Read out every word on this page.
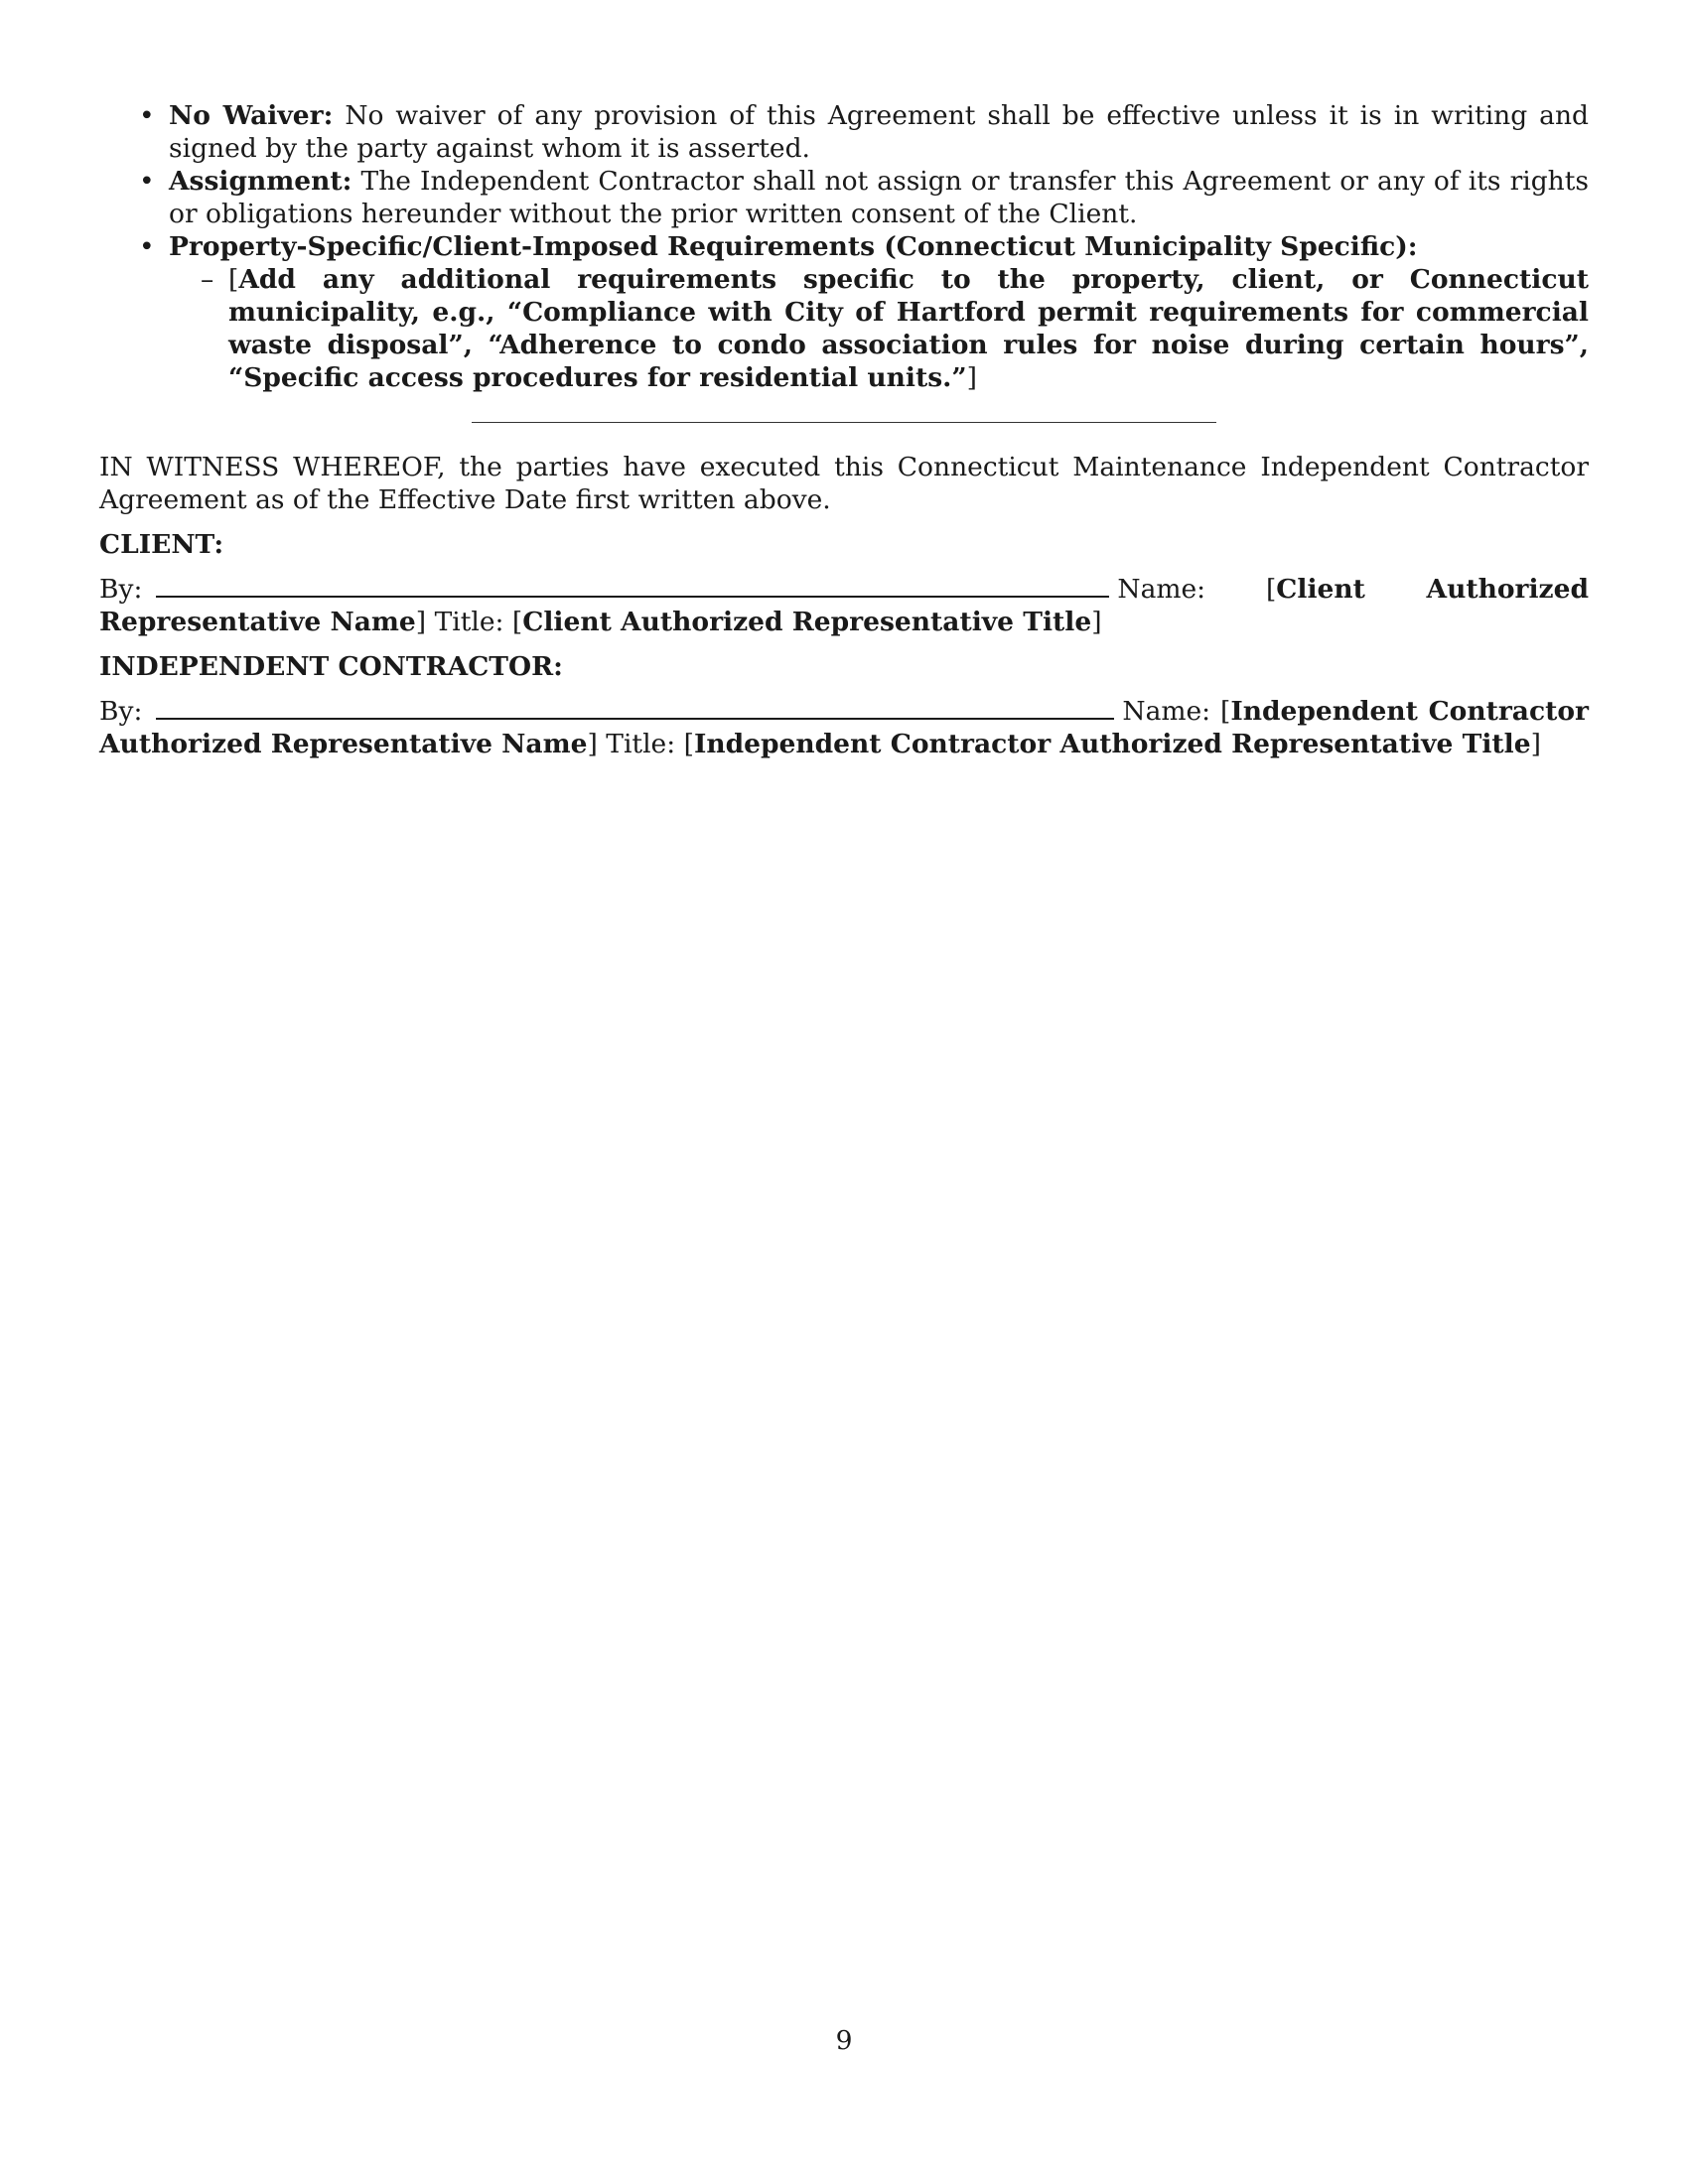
• No Waiver: No waiver of any provision of this Agreement shall be effective unless it is in writing and signed by the party against whom it is asserted.
• Assignment: The Independent Contractor shall not assign or transfer this Agreement or any of its rights or obligations hereunder without the prior written consent of the Client.
• Property-Specific/Client-Imposed Requirements (Connecticut Municipality Specific):
– [Add any additional requirements specific to the property, client, or Connecticut municipality, e.g., “Compliance with City of Hartford permit requirements for commercial waste disposal”, “Adherence to condo association rules for noise during certain hours”, “Specific access procedures for residential units.”]

IN WITNESS WHEREOF, the parties have executed this Connecticut Maintenance Independent Contractor Agreement as of the Effective Date first written above.

CLIENT:

By:	Name: [Client Authorized Representative Name] Title: [Client Authorized Representative Title]

INDEPENDENT CONTRACTOR:

By:	Name: [Independent Contractor Authorized Representative Name] Title: [Independent Contractor Authorized Representative Title]

9
